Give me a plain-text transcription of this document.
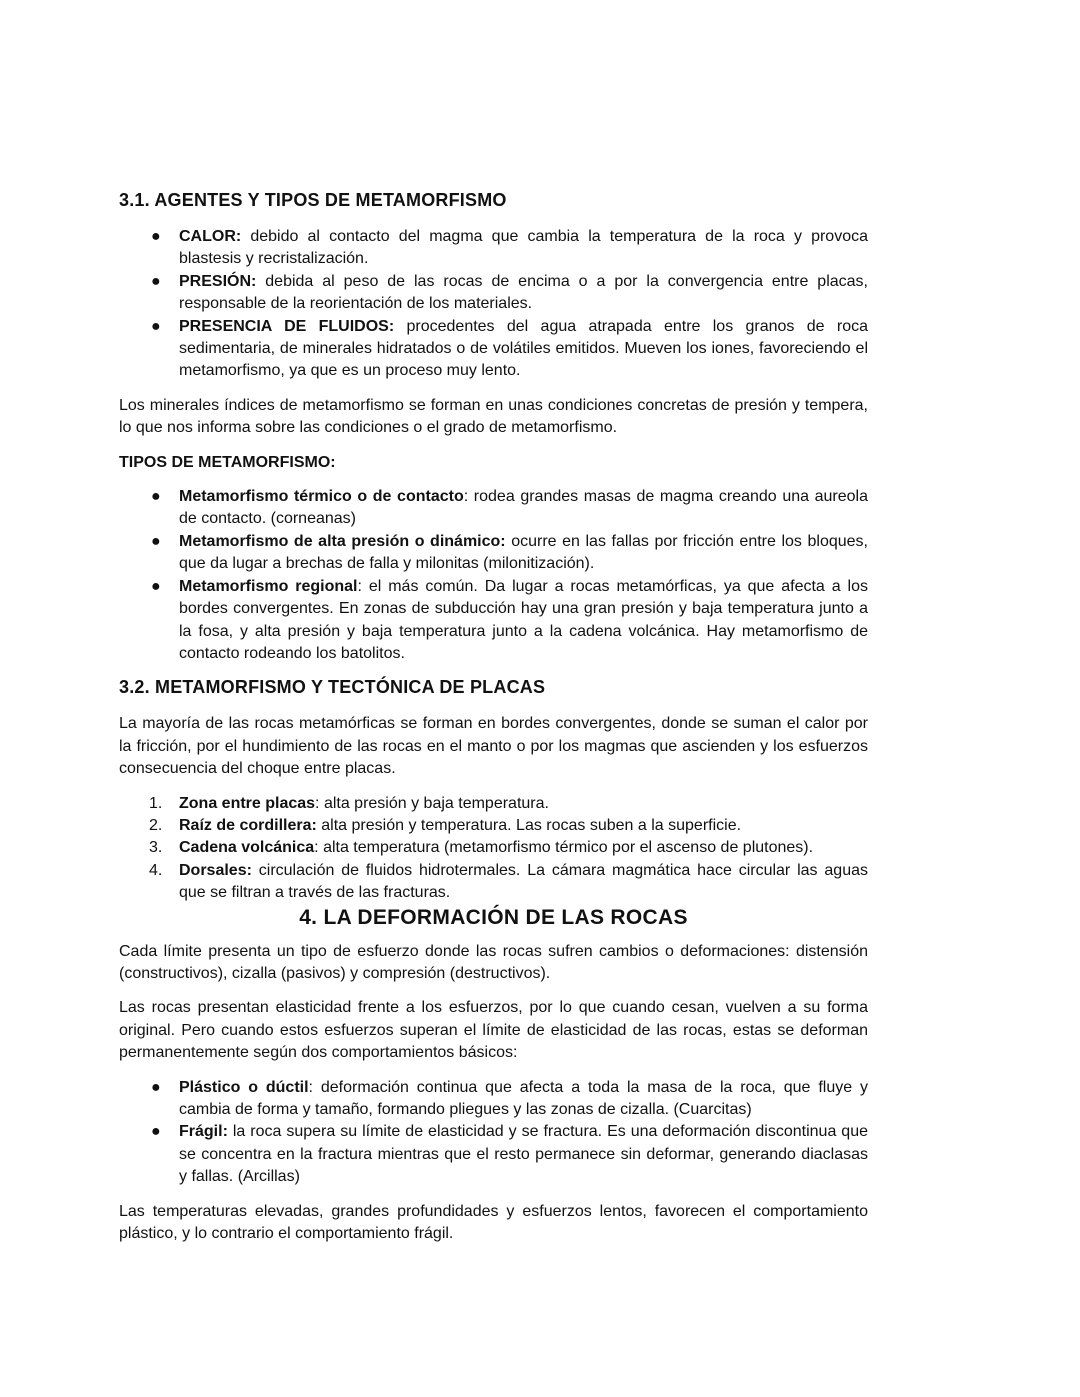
3.1. AGENTES Y TIPOS DE METAMORFISMO
● CALOR: debido al contacto del magma que cambia la temperatura de la roca y provoca blastesis y recristalización.
● PRESIÓN: debida al peso de las rocas de encima o a por la convergencia entre placas, responsable de la reorientación de los materiales.
● PRESENCIA DE FLUIDOS: procedentes del agua atrapada entre los granos de roca sedimentaria, de minerales hidratados o de volátiles emitidos. Mueven los iones, favoreciendo el metamorfismo, ya que es un proceso muy lento.

Los minerales índices de metamorfismo se forman en unas condiciones concretas de presión y tempera, lo que nos informa sobre las condiciones o el grado de metamorfismo.

TIPOS DE METAMORFISMO:

● Metamorfismo térmico o de contacto: rodea grandes masas de magma creando una aureola de contacto. (corneanas)
● Metamorfismo de alta presión o dinámico: ocurre en las fallas por fricción entre los bloques, que da lugar a brechas de falla y milonitas (milonitización).
● Metamorfismo regional: el más común. Da lugar a rocas metamórficas, ya que afecta a los bordes convergentes. En zonas de subducción hay una gran presión y baja temperatura junto a la fosa, y alta presión y baja temperatura junto a la cadena volcánica. Hay metamorfismo de contacto rodeando los batolitos.
3.2. METAMORFISMO Y TECTÓNICA DE PLACAS

La mayoría de las rocas metamórficas se forman en bordes convergentes, donde se suman el calor por la fricción, por el hundimiento de las rocas en el manto o por los magmas que ascienden y los esfuerzos consecuencia del choque entre placas.

1. Zona entre placas: alta presión y baja temperatura.
2. Raíz de cordillera: alta presión y temperatura. Las rocas suben a la superficie.
3. Cadena volcánica: alta temperatura (metamorfismo térmico por el ascenso de plutones).
4. Dorsales: circulación de fluidos hidrotermales. La cámara magmática hace circular las aguas que se filtran a través de las fracturas.
4. LA DEFORMACIÓN DE LAS ROCAS

Cada límite presenta un tipo de esfuerzo donde las rocas sufren cambios o deformaciones: distensión (constructivos), cizalla (pasivos) y compresión (destructivos).

Las rocas presentan elasticidad frente a los esfuerzos, por lo que cuando cesan, vuelven a su forma original. Pero cuando estos esfuerzos superan el límite de elasticidad de las rocas, estas se deforman permanentemente según dos comportamientos básicos:

● Plástico o dúctil: deformación continua que afecta a toda la masa de la roca, que fluye y cambia de forma y tamaño, formando pliegues y las zonas de cizalla. (Cuarcitas)
● Frágil: la roca supera su límite de elasticidad y se fractura. Es una deformación discontinua que se concentra en la fractura mientras que el resto permanece sin deformar, generando diaclasas y fallas. (Arcillas)

Las temperaturas elevadas, grandes profundidades y esfuerzos lentos, favorecen el comportamiento plástico, y lo contrario el comportamiento frágil.
